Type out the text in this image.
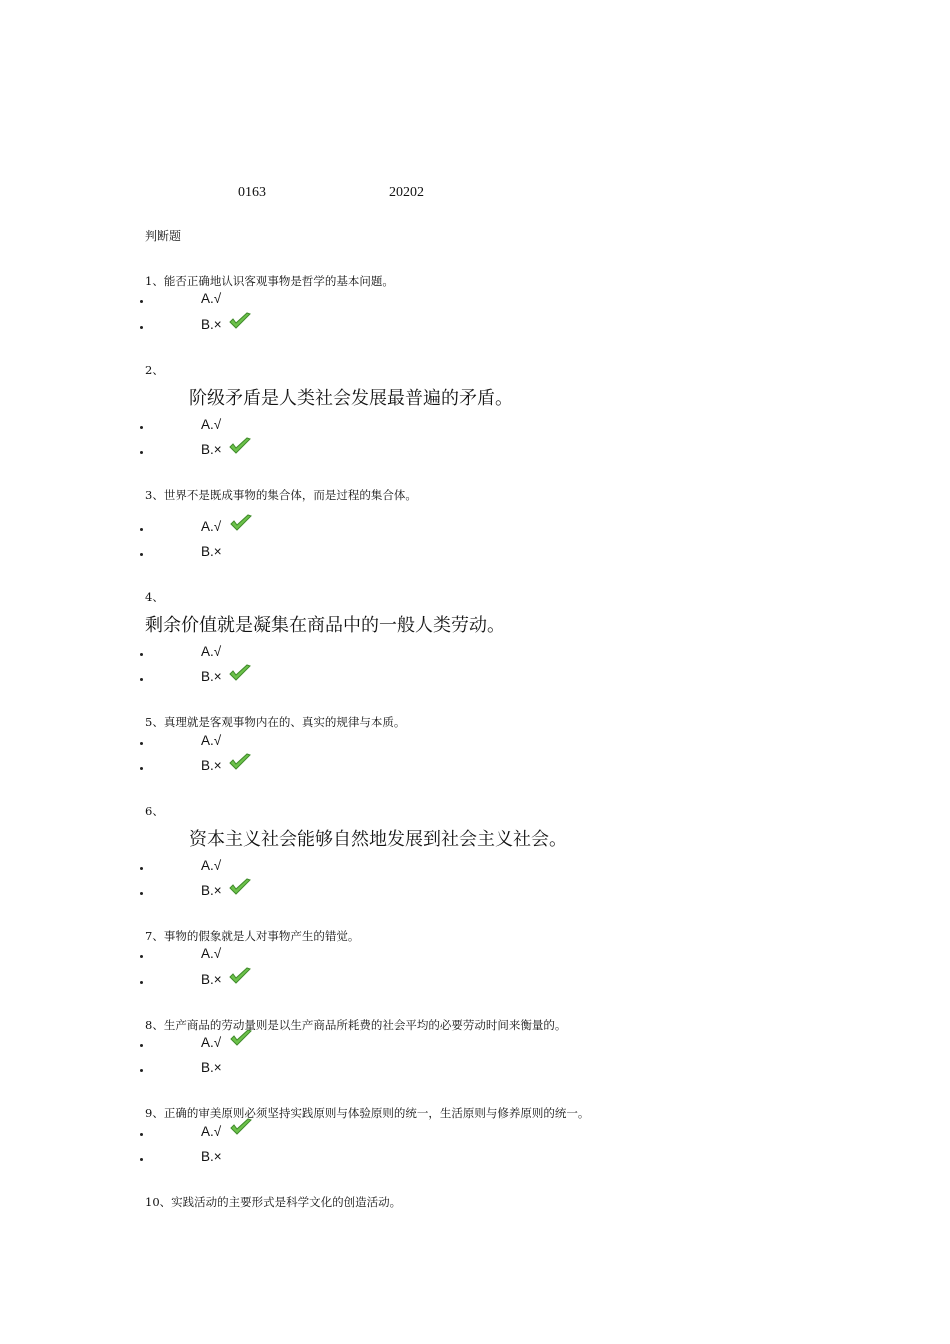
0163	20202
判断题
1、能否正确地认识客观事物是哲学的基本问题。
A.√
B.×
2、
阶级矛盾是人类社会发展最普遍的矛盾。
A.√
B.×
3、世界不是既成事物的集合体，而是过程的集合体。
A.√
B.×
4、
剩余价值就是凝集在商品中的一般人类劳动。
A.√
B.×
5、真理就是客观事物内在的、真实的规律与本质。
A.√
B.×
6、
资本主义社会能够自然地发展到社会主义社会。
A.√
B.×
7、事物的假象就是人对事物产生的错觉。
A.√
B.×
8、生产商品的劳动量则是以生产商品所耗费的社会平均的必要劳动时间来衡量的。
A.√
B.×
9、正确的审美原则必须坚持实践原则与体验原则的统一，生活原则与修养原则的统一。
A.√
B.×
10、实践活动的主要形式是科学文化的创造活动。
